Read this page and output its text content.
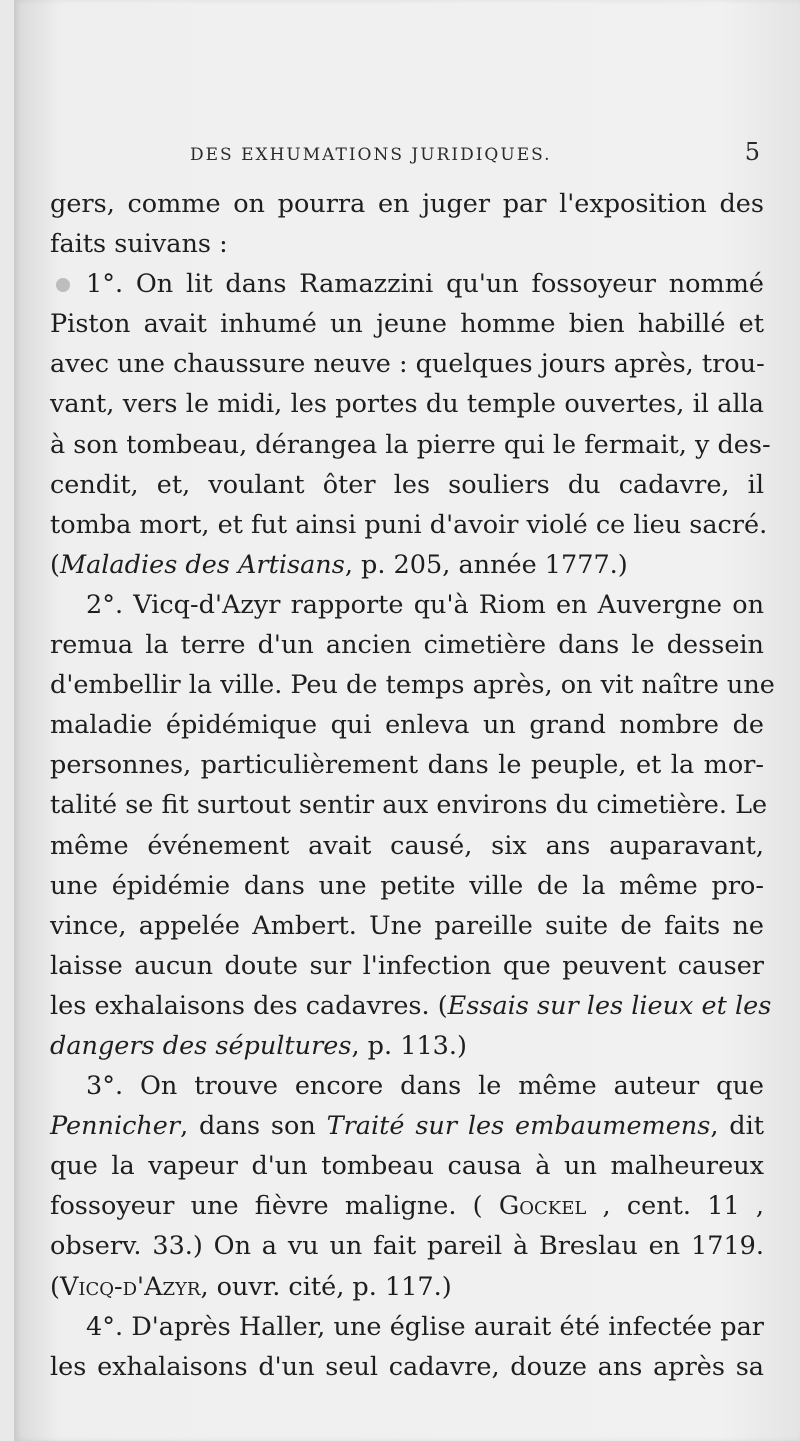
DES EXHUMATIONS JURIDIQUES.	5

gers, comme on pourra en juger par l'exposition des
faits suivans :

1°. On lit dans Ramazzini qu'un fossoyeur nommé
Piston avait inhumé un jeune homme bien habillé et
avec une chaussure neuve : quelques jours après, trou-
vant, vers le midi, les portes du temple ouvertes, il alla
à son tombeau, dérangea la pierre qui le fermait, y des-
cendit, et, voulant ôter les souliers du cadavre, il
tomba mort, et fut ainsi puni d'avoir violé ce lieu sacré.
(Maladies des Artisans, p. 205, année 1777.)

2°. Vicq-d'Azyr rapporte qu'à Riom en Auvergne on
remua la terre d'un ancien cimetière dans le dessein
d'embellir la ville. Peu de temps après, on vit naître une
maladie épidémique qui enleva un grand nombre de
personnes, particulièrement dans le peuple, et la mor-
talité se fit surtout sentir aux environs du cimetière. Le
même événement avait causé, six ans auparavant,
une épidémie dans une petite ville de la même pro-
vince, appelée Ambert. Une pareille suite de faits ne
laisse aucun doute sur l'infection que peuvent causer
les exhalaisons des cadavres. (Essais sur les lieux et les
dangers des sépultures, p. 113.)

3°. On trouve encore dans le même auteur que
Pennicher, dans son Traité sur les embaumemens, dit
que la vapeur d'un tombeau causa à un malheureux
fossoyeur une fièvre maligne. ( Gockel , cent. 11 ,
observ. 33.) On a vu un fait pareil à Breslau en 1719.
(Vicq-d'Azyr, ouvr. cité, p. 117.)

4°. D'après Haller, une église aurait été infectée par
les exhalaisons d'un seul cadavre, douze ans après sa
